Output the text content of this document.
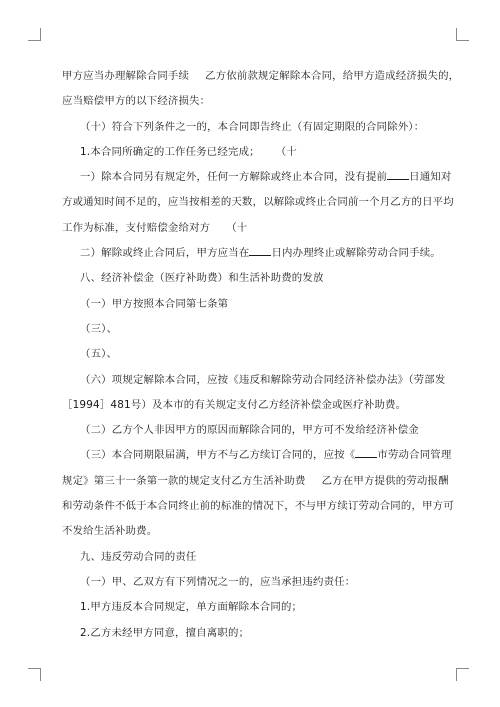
甲方应当办理解除合同手续 乙方依前款规定解除本合同，给甲方造成经济损失的，
应当赔偿甲方的以下经济损失：
（十）符合下列条件之一的，本合同即告终止（有固定期限的合同除外）：
1.本合同所确定的工作任务已经完成； （十
一）除本合同另有规定外，任何一方解除或终止本合同，没有提前 日通知对
方或通知时间不足的，应当按相差的天数，以解除或终止合同前一个月乙方的日平均
工作为标准，支付赔偿金给对方 （十
二）解除或终止合同后，甲方应当在 日内办理终止或解除劳动合同手续。
八、经济补偿金（医疗补助费）和生活补助费的发放
（一）甲方按照本合同第七条第
（三）、
（五）、
（六）项规定解除本合同，应按《违反和解除劳动合同经济补偿办法》（劳部发
［1994］481号）及本市的有关规定支付乙方经济补偿金或医疗补助费。
（二）乙方个人非因甲方的原因而解除合同的，甲方可不发给经济补偿金
（三）本合同期限届满，甲方不与乙方续订合同的，应按《 市劳动合同管理
规定》第三十一条第一款的规定支付乙方生活补助费 乙方在甲方提供的劳动报酬
和劳动条件不低于本合同终止前的标准的情况下，不与甲方续订劳动合同的，甲方可
不发给生活补助费。
九、违反劳动合同的责任
（一）甲、乙双方有下列情况之一的，应当承担违约责任：
1.甲方违反本合同规定，单方面解除本合同的；
2.乙方未经甲方同意，擅自离职的；
